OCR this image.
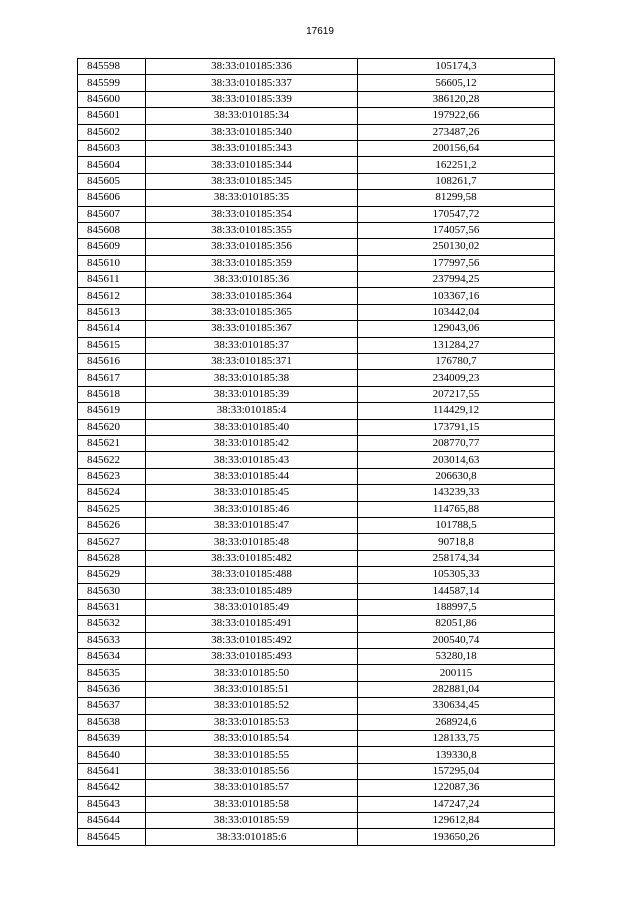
17619
845598	38:33:010185:336	105174,3
845599	38:33:010185:337	56605,12
845600	38:33:010185:339	386120,28
845601	38:33:010185:34	197922,66
845602	38:33:010185:340	273487,26
845603	38:33:010185:343	200156,64
845604	38:33:010185:344	162251,2
845605	38:33:010185:345	108261,7
845606	38:33:010185:35	81299,58
845607	38:33:010185:354	170547,72
845608	38:33:010185:355	174057,56
845609	38:33:010185:356	250130,02
845610	38:33:010185:359	177997,56
845611	38:33:010185:36	237994,25
845612	38:33:010185:364	103367,16
845613	38:33:010185:365	103442,04
845614	38:33:010185:367	129043,06
845615	38:33:010185:37	131284,27
845616	38:33:010185:371	176780,7
845617	38:33:010185:38	234009,23
845618	38:33:010185:39	207217,55
845619	38:33:010185:4	114429,12
845620	38:33:010185:40	173791,15
845621	38:33:010185:42	208770,77
845622	38:33:010185:43	203014,63
845623	38:33:010185:44	206630,8
845624	38:33:010185:45	143239,33
845625	38:33:010185:46	114765,88
845626	38:33:010185:47	101788,5
845627	38:33:010185:48	90718,8
845628	38:33:010185:482	258174,34
845629	38:33:010185:488	105305,33
845630	38:33:010185:489	144587,14
845631	38:33:010185:49	188997,5
845632	38:33:010185:491	82051,86
845633	38:33:010185:492	200540,74
845634	38:33:010185:493	53280,18
845635	38:33:010185:50	200115
845636	38:33:010185:51	282881,04
845637	38:33:010185:52	330634,45
845638	38:33:010185:53	268924,6
845639	38:33:010185:54	128133,75
845640	38:33:010185:55	139330,8
845641	38:33:010185:56	157295,04
845642	38:33:010185:57	122087,36
845643	38:33:010185:58	147247,24
845644	38:33:010185:59	129612,84
845645	38:33:010185:6	193650,26
